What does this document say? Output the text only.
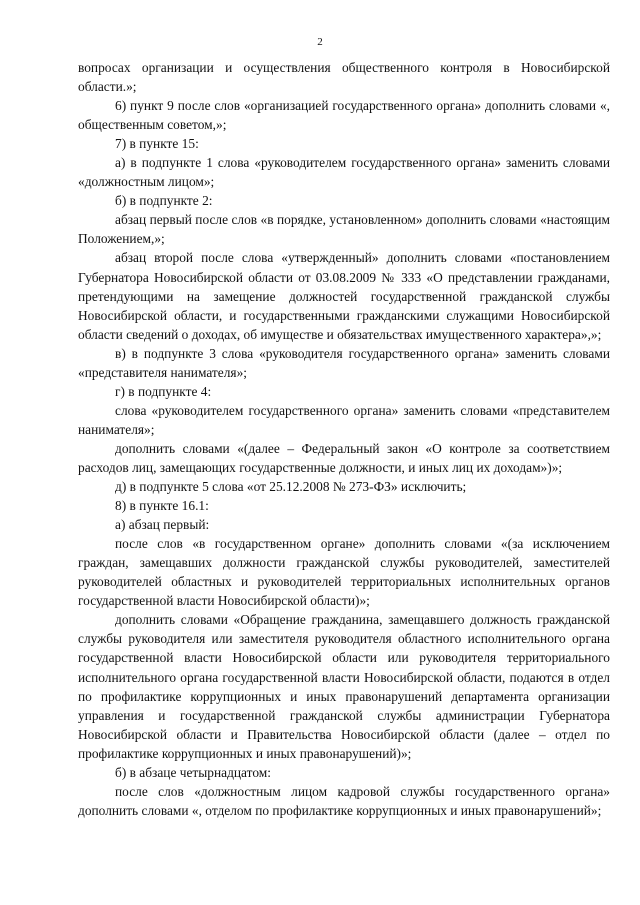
2

вопросах организации и осуществления общественного контроля в Новосибирской области.»;

6) пункт 9 после слов «организацией государственного органа» дополнить словами «, общественным советом,»;

7) в пункте 15:

а) в подпункте 1 слова «руководителем государственного органа» заменить словами «должностным лицом»;

б) в подпункте 2:

абзац первый после слов «в порядке, установленном» дополнить словами «настоящим Положением,»;

абзац второй после слова «утвержденный» дополнить словами «постановлением Губернатора Новосибирской области от 03.08.2009 № 333 «О представлении гражданами, претендующими на замещение должностей государственной гражданской службы Новосибирской области, и государственными гражданскими служащими Новосибирской области сведений о доходах, об имуществе и обязательствах имущественного характера»,»;

в) в подпункте 3 слова «руководителя государственного органа» заменить словами «представителя нанимателя»;

г) в подпункте 4:

слова «руководителем государственного органа» заменить словами «представителем нанимателя»;

дополнить словами «(далее – Федеральный закон «О контроле за соответствием расходов лиц, замещающих государственные должности, и иных лиц их доходам»)»;

д) в подпункте 5 слова «от 25.12.2008 № 273-ФЗ» исключить;

8) в пункте 16.1:

а) абзац первый:

после слов «в государственном органе» дополнить словами «(за исключением граждан, замещавших должности гражданской службы руководителей, заместителей руководителей областных и руководителей территориальных исполнительных органов государственной власти Новосибирской области)»;

дополнить словами «Обращение гражданина, замещавшего должность гражданской службы руководителя или заместителя руководителя областного исполнительного органа государственной власти Новосибирской области или руководителя территориального исполнительного органа государственной власти Новосибирской области, подаются в отдел по профилактике коррупционных и иных правонарушений департамента организации управления и государственной гражданской службы администрации Губернатора Новосибирской области и Правительства Новосибирской области (далее – отдел по профилактике коррупционных и иных правонарушений)»;

б) в абзаце четырнадцатом:

после слов «должностным лицом кадровой службы государственного органа» дополнить словами «, отделом по профилактике коррупционных и иных правонарушений»;
